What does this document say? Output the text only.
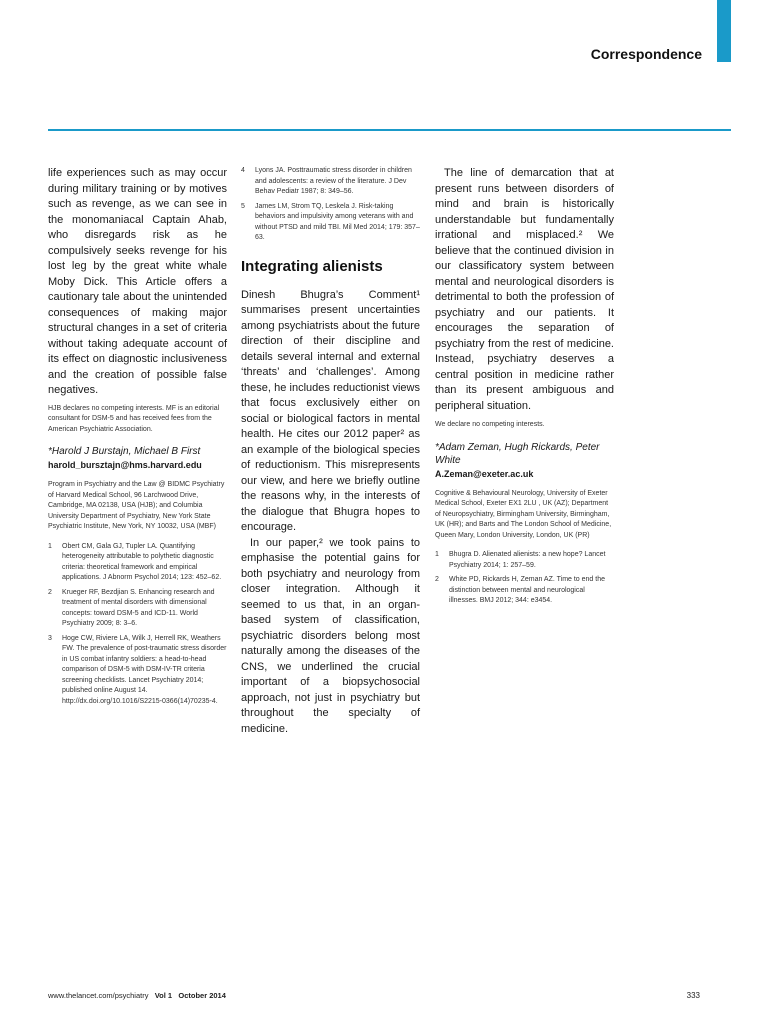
Correspondence

life experiences such as may occur during military training or by motives such as revenge, as we can see in the monomaniacal Captain Ahab, who disregards risk as he compulsively seeks revenge for his lost leg by the great white whale Moby Dick. This Article offers a cautionary tale about the unintended consequences of making major structural changes in a set of criteria without taking adequate account of its effect on diagnostic inclusiveness and the creation of possible false negatives.

HJB declares no competing interests. MF is an editorial consultant for DSM-5 and has received fees from the American Psychiatric Association.

*Harold J Burstajn, Michael B First

harold_bursztajn@hms.harvard.edu

Program in Psychiatry and the Law @ BIDMC Psychiatry of Harvard Medical School, 96 Larchwood Drive, Cambridge, MA 02138, USA (HJB); and Columbia University Department of Psychiatry, New York State Psychiatric Institute, New York, NY 10032, USA (MBF)

1 Obert CM, Gala GJ, Tupler LA. Quantifying heterogeneity attributable to polythetic diagnostic criteria: theoretical framework and empirical applications. J Abnorm Psychol 2014; 123: 452–62.
2 Krueger RF, Bezdjian S. Enhancing research and treatment of mental disorders with dimensional concepts: toward DSM-5 and ICD-11. World Psychiatry 2009; 8: 3–6.
3 Hoge CW, Riviere LA, Wilk J, Herrell RK, Weathers FW. The prevalence of post-traumatic stress disorder in US combat infantry soldiers: a head-to-head comparison of DSM-5 with DSM-IV-TR criteria screening checklists. Lancet Psychiatry 2014; published online August 14. http://dx.doi.org/10.1016/S2215-0366(14)70235-4.
4 Lyons JA. Posttraumatic stress disorder in children and adolescents: a review of the literature. J Dev Behav Pediatr 1987; 8: 349–56.
5 James LM, Strom TQ, Leskela J. Risk-taking behaviors and impulsivity among veterans with and without PTSD and mild TBI. Mil Med 2014; 179: 357–63.
Integrating alienists

Dinesh Bhugra’s Comment¹ summarises present uncertainties among psychiatrists about the future direction of their discipline and details several internal and external ‘threats’ and ‘challenges’. Among these, he includes reductionist views that focus exclusively either on social or biological factors in mental health. He cites our 2012 paper² as an example of the biological species of reductionism. This misrepresents our view, and here we briefly outline the reasons why, in the interests of the dialogue that Bhugra hopes to encourage.

In our paper,² we took pains to emphasise the potential gains for both psychiatry and neurology from closer integration. Although it seemed to us that, in an organ-based system of classification, psychiatric disorders belong most naturally among the diseases of the CNS, we underlined the crucial important of a biopsychosocial approach, not just in psychiatry but throughout the specialty of medicine.

The line of demarcation that at present runs between disorders of mind and brain is historically understandable but fundamentally irrational and misplaced.² We believe that the continued division in our classificatory system between mental and neurological disorders is detrimental to both the profession of psychiatry and our patients. It encourages the separation of psychiatry from the rest of medicine. Instead, psychiatry deserves a central position in medicine rather than its present ambiguous and peripheral situation.

We declare no competing interests.

*Adam Zeman, Hugh Rickards, Peter White

A.Zeman@exeter.ac.uk

Cognitive & Behavioural Neurology, University of Exeter Medical School, Exeter EX1 2LU , UK (AZ); Department of Neuropsychiatry, Birmingham University, Birmingham, UK (HR); and Barts and The London School of Medicine, Queen Mary, London University, London, UK (PR)

1 Bhugra D. Alienated alienists: a new hope? Lancet Psychiatry 2014; 1: 257–59.
2 White PD, Rickards H, Zeman AZ. Time to end the distinction between mental and neurological illnesses. BMJ 2012; 344: e3454.
www.thelancet.com/psychiatry Vol 1 October 2014	333
